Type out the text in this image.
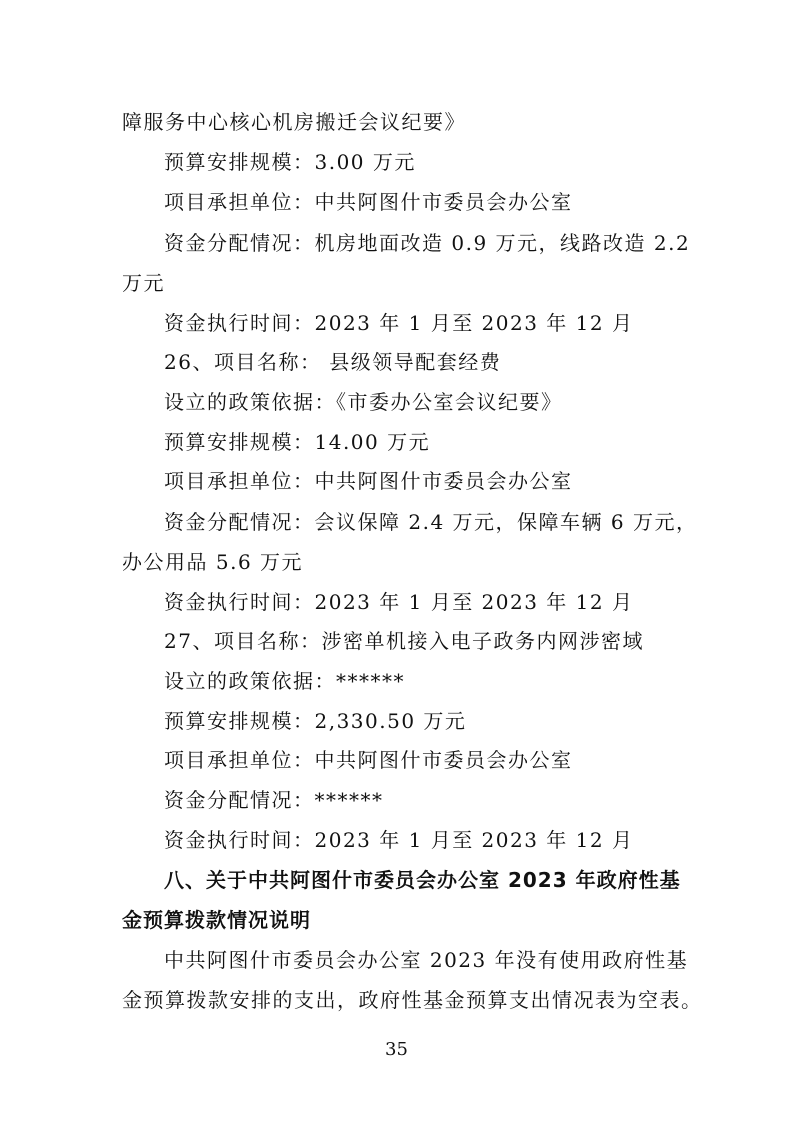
障服务中心核心机房搬迁会议纪要》
预算安排规模：3.00 万元
项目承担单位：中共阿图什市委员会办公室
资金分配情况：机房地面改造 0.9 万元，线路改造 2.2
万元
资金执行时间：2023 年 1 月至 2023 年 12 月
26、项目名称： 县级领导配套经费
设立的政策依据：《市委办公室会议纪要》
预算安排规模：14.00 万元
项目承担单位：中共阿图什市委员会办公室
资金分配情况：会议保障 2.4 万元，保障车辆 6 万元，
办公用品 5.6 万元
资金执行时间：2023 年 1 月至 2023 年 12 月
27、项目名称：涉密单机接入电子政务内网涉密域
设立的政策依据：******
预算安排规模：2,330.50 万元
项目承担单位：中共阿图什市委员会办公室
资金分配情况：******
资金执行时间：2023 年 1 月至 2023 年 12 月
八、关于中共阿图什市委员会办公室 2023 年政府性基
金预算拨款情况说明
中共阿图什市委员会办公室 2023 年没有使用政府性基
金预算拨款安排的支出，政府性基金预算支出情况表为空表。
35
